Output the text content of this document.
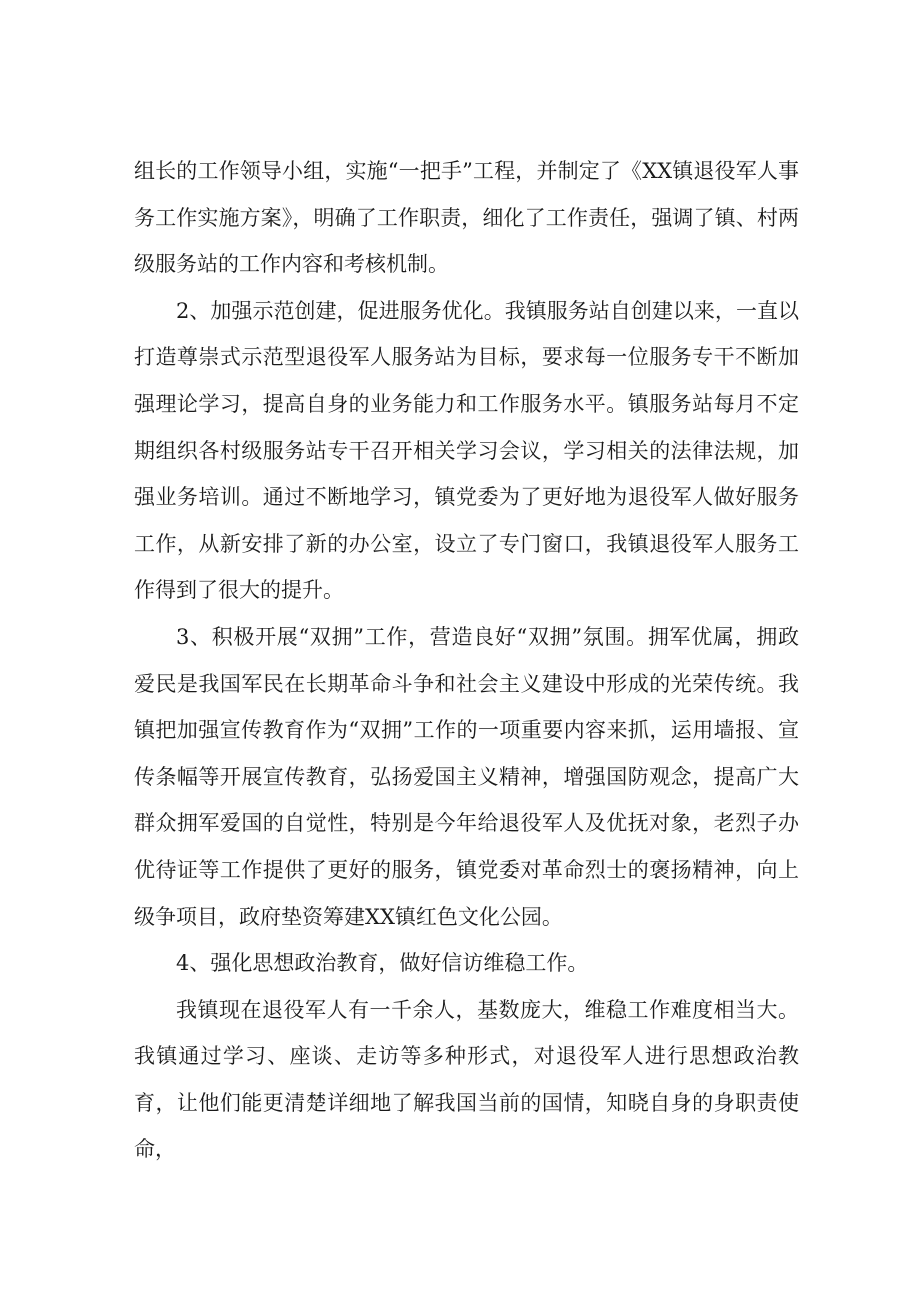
组长的工作领导小组，实施“一把手”工程，并制定了《XX镇退役军人事务工作实施方案》，明确了工作职责，细化了工作责任，强调了镇、村两级服务站的工作内容和考核机制。

2、加强示范创建，促进服务优化。我镇服务站自创建以来，一直以打造尊崇式示范型退役军人服务站为目标，要求每一位服务专干不断加强理论学习，提高自身的业务能力和工作服务水平。镇服务站每月不定期组织各村级服务站专干召开相关学习会议，学习相关的法律法规，加强业务培训。通过不断地学习，镇党委为了更好地为退役军人做好服务工作，从新安排了新的办公室，设立了专门窗口，我镇退役军人服务工作得到了很大的提升。

3、积极开展“双拥”工作，营造良好“双拥”氛围。拥军优属，拥政爱民是我国军民在长期革命斗争和社会主义建设中形成的光荣传统。我镇把加强宣传教育作为“双拥”工作的一项重要内容来抓，运用墙报、宣传条幅等开展宣传教育，弘扬爱国主义精神，增强国防观念，提高广大群众拥军爱国的自觉性，特别是今年给退役军人及优抚对象，老烈子办优待证等工作提供了更好的服务，镇党委对革命烈士的褒扬精神，向上级争项目，政府垫资筹建XX镇红色文化公园。

4、强化思想政治教育，做好信访维稳工作。

我镇现在退役军人有一千余人，基数庞大，维稳工作难度相当大。我镇通过学习、座谈、走访等多种形式，对退役军人进行思想政治教育，让他们能更清楚详细地了解我国当前的国情，知晓自身的身职责使命，
